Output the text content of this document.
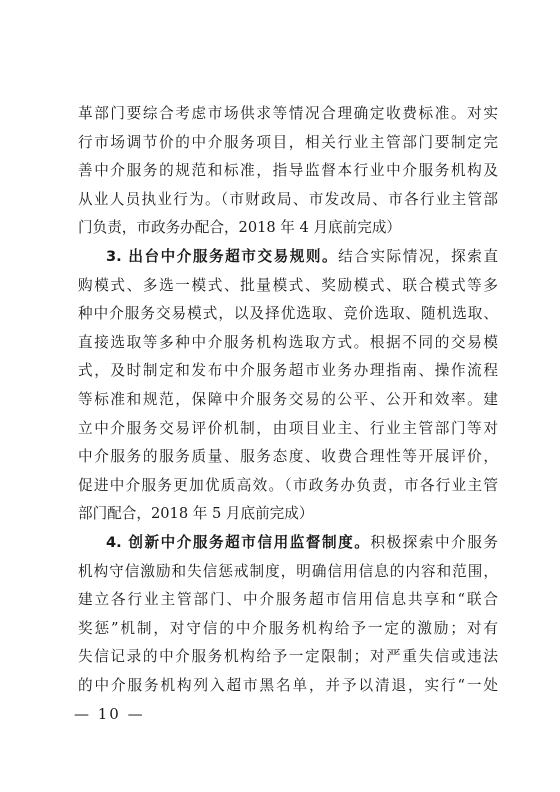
革部门要综合考虑市场供求等情况合理确定收费标准。对实
行市场调节价的中介服务项目，相关行业主管部门要制定完
善中介服务的规范和标准，指导监督本行业中介服务机构及
从业人员执业行为。（市财政局、市发改局、市各行业主管部
门负责，市政务办配合，2018 年 4 月底前完成）
3. 出台中介服务超市交易规则。结合实际情况，探索直
购模式、多选一模式、批量模式、奖励模式、联合模式等多
种中介服务交易模式，以及择优选取、竞价选取、随机选取、
直接选取等多种中介服务机构选取方式。根据不同的交易模
式，及时制定和发布中介服务超市业务办理指南、操作流程
等标准和规范，保障中介服务交易的公平、公开和效率。建
立中介服务交易评价机制，由项目业主、行业主管部门等对
中介服务的服务质量、服务态度、收费合理性等开展评价，
促进中介服务更加优质高效。（市政务办负责，市各行业主管
部门配合，2018 年 5 月底前完成）
4. 创新中介服务超市信用监督制度。积极探索中介服务
机构守信激励和失信惩戒制度，明确信用信息的内容和范围，
建立各行业主管部门、中介服务超市信用信息共享和“联合
奖惩”机制，对守信的中介服务机构给予一定的激励；对有
失信记录的中介服务机构给予一定限制；对严重失信或违法
的中介服务机构列入超市黑名单，并予以清退，实行“一处
— 10 —
